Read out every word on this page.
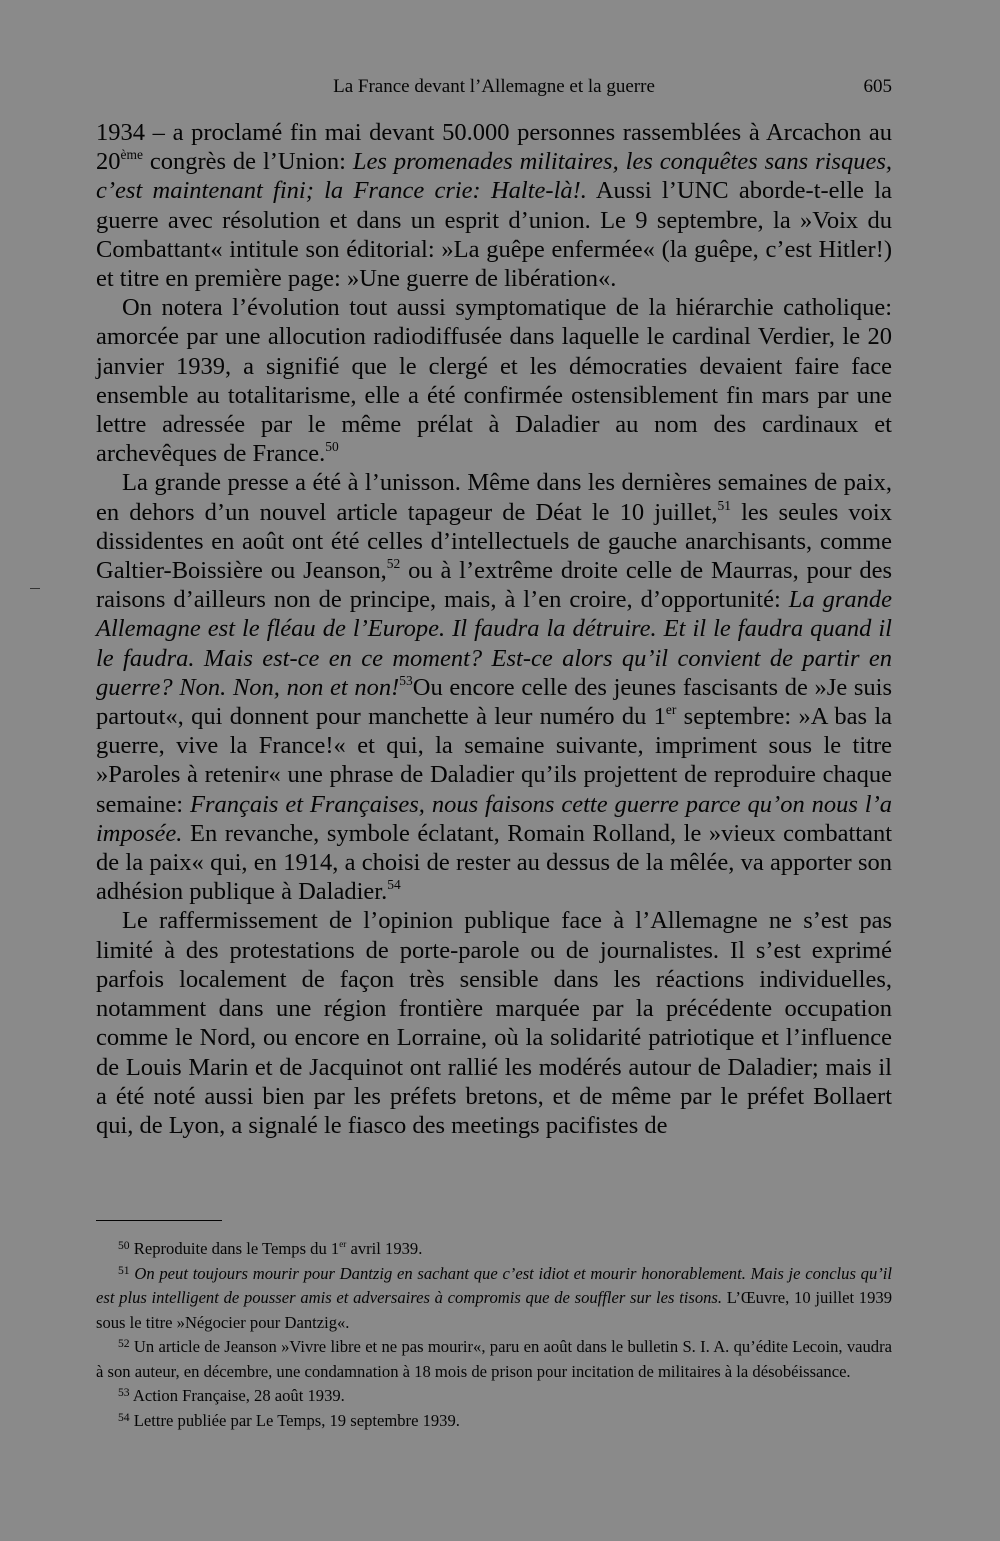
La France devant l’Allemagne et la guerre	605

1934 – a proclamé fin mai devant 50.000 personnes rassemblées à Arcachon au 20ème congrès de l’Union: Les promenades militaires, les conquêtes sans risques, c’est maintenant fini; la France crie: Halte-là!. Aussi l’UNC aborde-t-elle la guerre avec résolution et dans un esprit d’union. Le 9 septembre, la »Voix du Combattant« intitule son éditorial: »La guêpe enfermée« (la guêpe, c’est Hitler!) et titre en première page: »Une guerre de libération«.

On notera l’évolution tout aussi symptomatique de la hiérarchie catholique: amorcée par une allocution radiodiffusée dans laquelle le cardinal Verdier, le 20 janvier 1939, a signifié que le clergé et les démocraties devaient faire face ensemble au totalitarisme, elle a été confirmée ostensiblement fin mars par une lettre adressée par le même prélat à Daladier au nom des cardinaux et archevêques de France.$^{50}$

La grande presse a été à l’unisson. Même dans les dernières semaines de paix, en dehors d’un nouvel article tapageur de Déat le 10 juillet,$^{51}$ les seules voix dissidentes en août ont été celles d’intellectuels de gauche anarchisants, comme Galtier-Boissière ou Jeanson,$^{52}$ ou à l’extrême droite celle de Maurras, pour des raisons d’ailleurs non de principe, mais, à l’en croire, d’opportunité: La grande Allemagne est le fléau de l’Europe. Il faudra la détruire. Et il le faudra quand il le faudra. Mais est-ce en ce moment? Est-ce alors qu’il convient de partir en guerre? Non. Non, non et non!$^{53}$Ou encore celle des jeunes fascisants de »Je suis partout«, qui donnent pour manchette à leur numéro du 1er septembre: »A bas la guerre, vive la France!« et qui, la semaine suivante, impriment sous le titre »Paroles à retenir« une phrase de Daladier qu’ils projettent de reproduire chaque semaine: Français et Françaises, nous faisons cette guerre parce qu’on nous l’a imposée. En revanche, symbole éclatant, Romain Rolland, le »vieux combattant de la paix« qui, en 1914, a choisi de rester au dessus de la mêlée, va apporter son adhésion publique à Daladier.$^{54}$

Le raffermissement de l’opinion publique face à l’Allemagne ne s’est pas limité à des protestations de porte-parole ou de journalistes. Il s’est exprimé parfois localement de façon très sensible dans les réactions individuelles, notamment dans une région frontière marquée par la précédente occupation comme le Nord, ou encore en Lorraine, où la solidarité patriotique et l’influence de Louis Marin et de Jacquinot ont rallié les modérés autour de Daladier; mais il a été noté aussi bien par les préfets bretons, et de même par le préfet Bollaert qui, de Lyon, a signalé le fiasco des meetings pacifistes de

$^{50}$ Reproduite dans le Temps du 1er avril 1939.

$^{51}$ On peut toujours mourir pour Dantzig en sachant que c’est idiot et mourir honorablement. Mais je conclus qu’il est plus intelligent de pousser amis et adversaires à compromis que de souffler sur les tisons. L’Œuvre, 10 juillet 1939 sous le titre »Négocier pour Dantzig«.

$^{52}$ Un article de Jeanson »Vivre libre et ne pas mourir«, paru en août dans le bulletin S. I. A. qu’édite Lecoin, vaudra à son auteur, en décembre, une condamnation à 18 mois de prison pour incitation de militaires à la désobéissance.

$^{53}$ Action Française, 28 août 1939.

$^{54}$ Lettre publiée par Le Temps, 19 septembre 1939.
